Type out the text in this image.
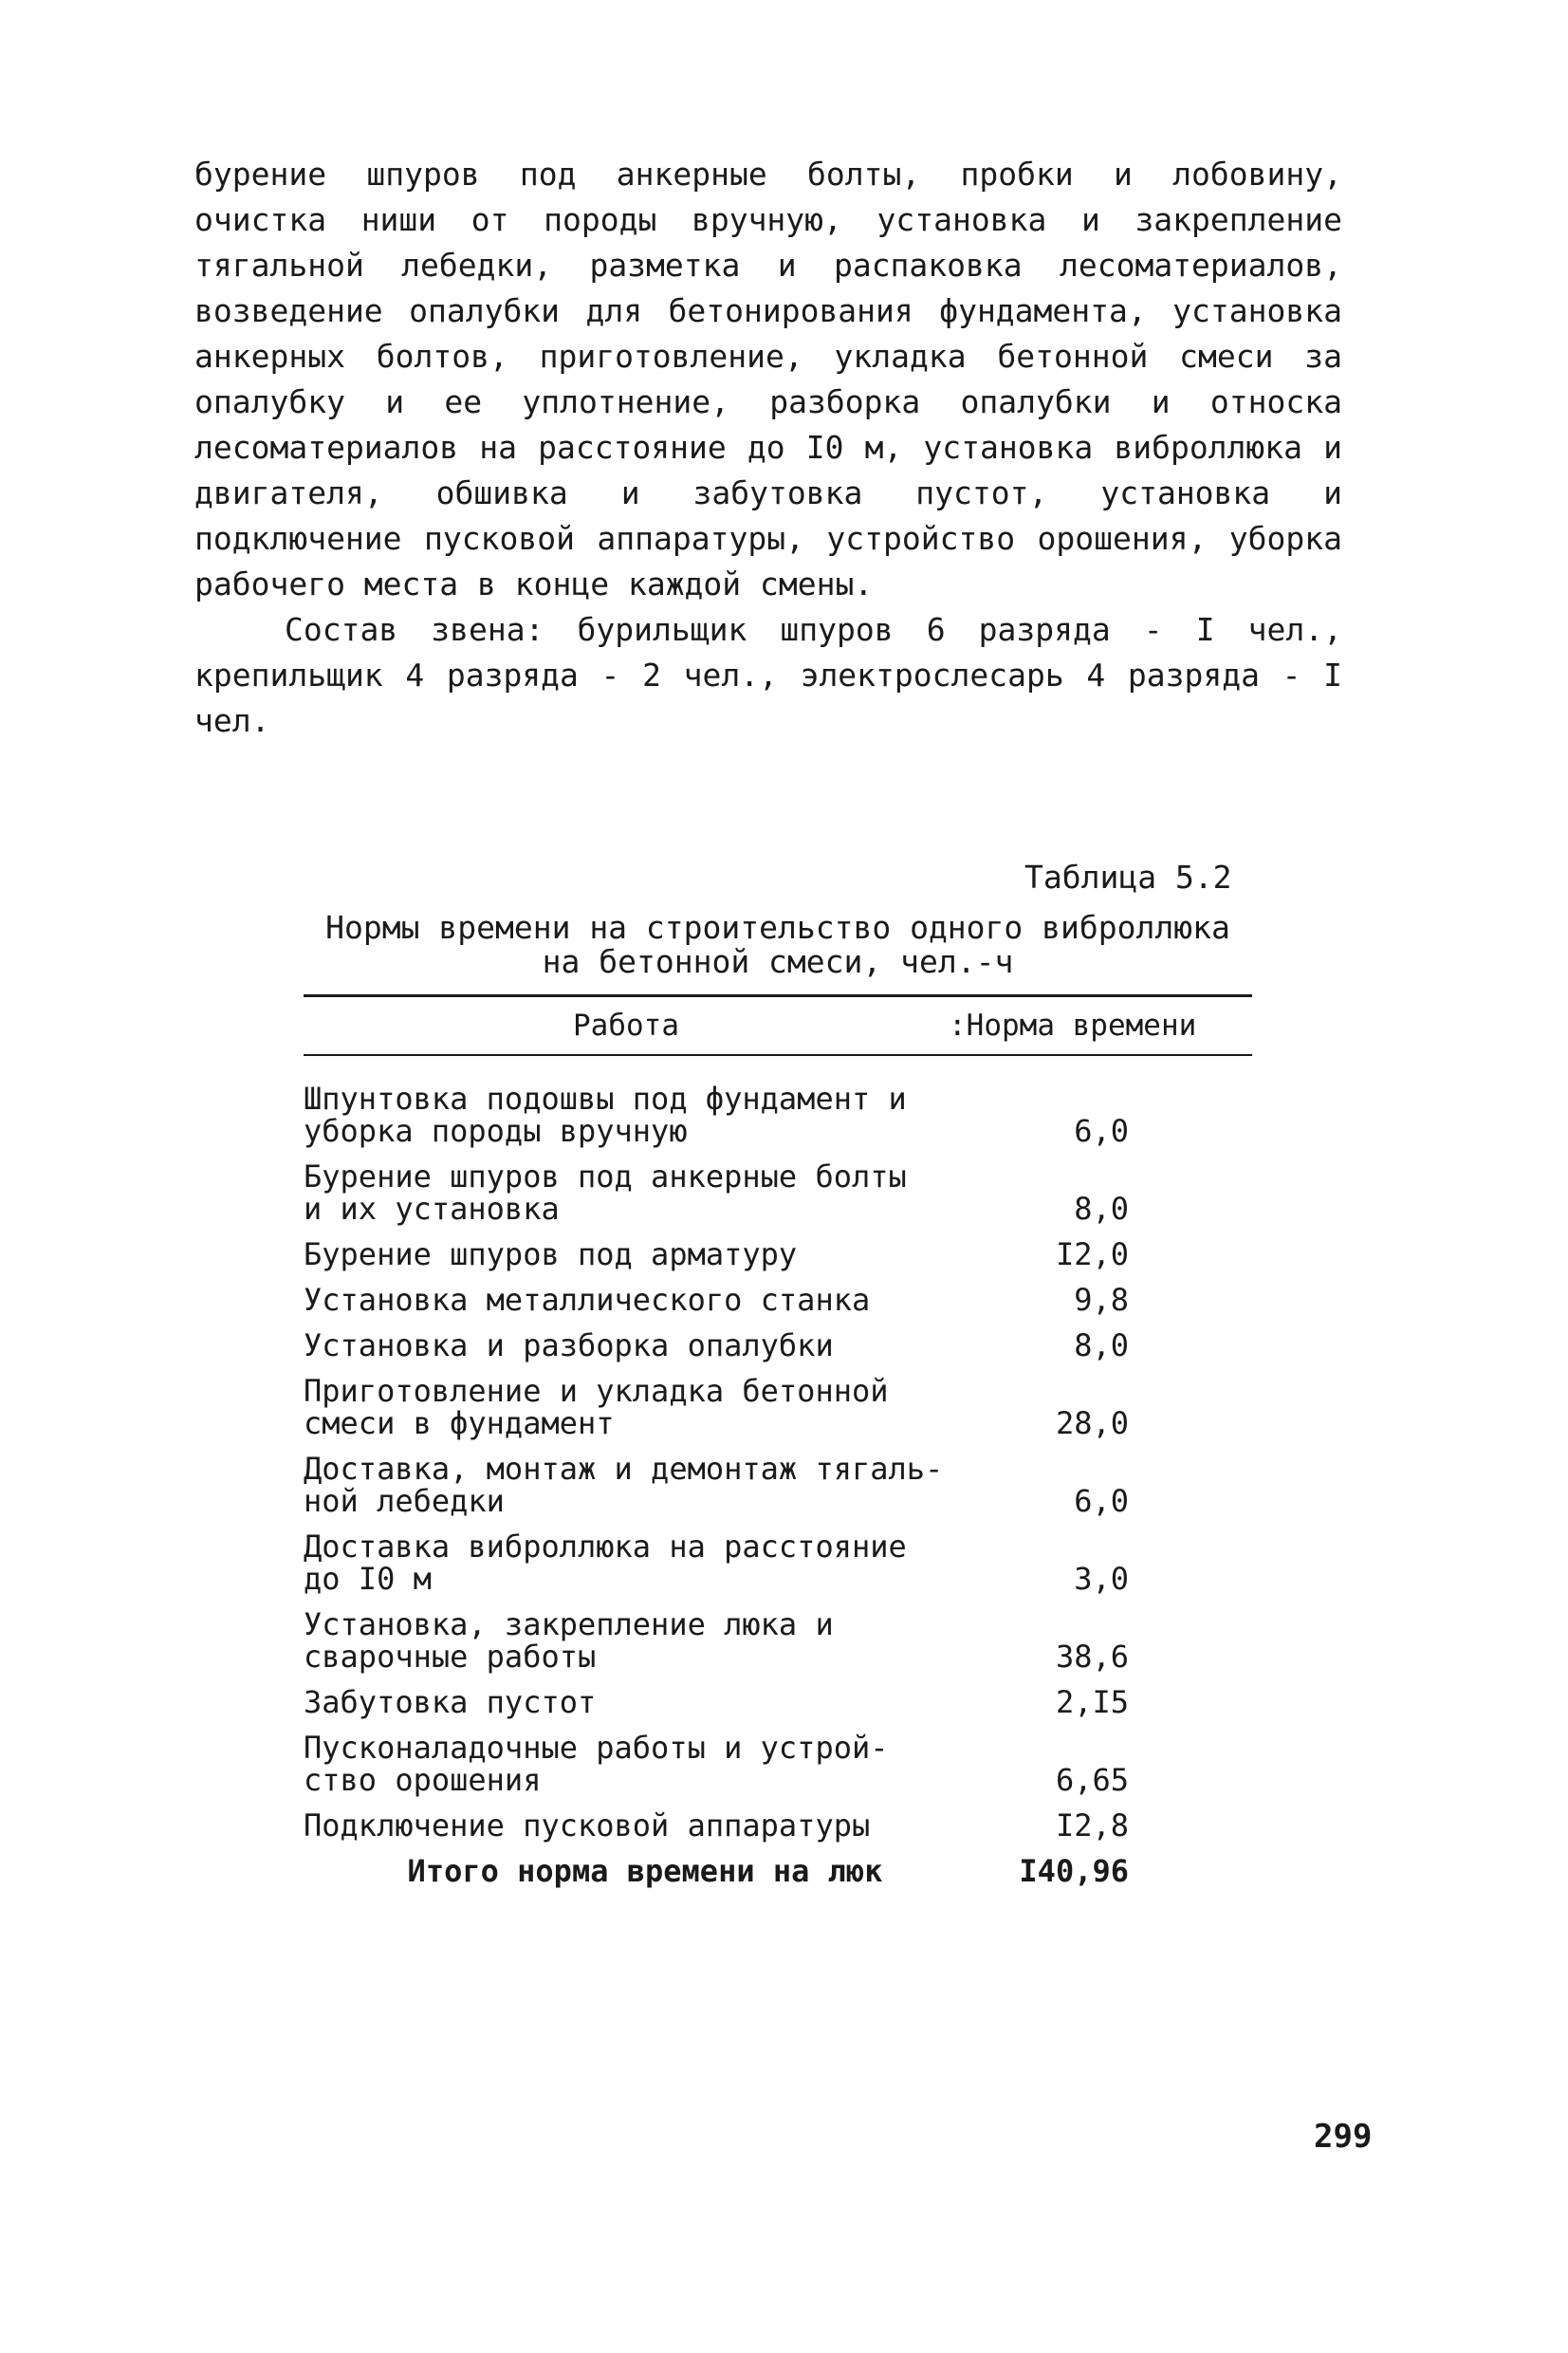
бурение шпуров под анкерные болты, пробки и лобовину, очистка ниши от породы вручную, установка и закрепление тягальной лебедки, разметка и распаковка лесоматериалов, возведение опалубки для бетонирования фундамента, установка анкерных болтов, приготовление, укладка бетонной смеси за опалубку и ее уплотнение, разборка опалубки и относка лесоматериалов на расстояние до I0 м, установка виброллюка и двигателя, обшивка и забутовка пустот, установка и подключение пусковой аппаратуры, устройство орошения, уборка рабочего места в конце каждой смены.

Состав звена: бурильщик шпуров 6 разряда - I чел., крепильщик 4 разряда - 2 чел., электрослесарь 4 разряда - I чел.

Таблица 5.2
Нормы времени на строительство одного виброллюка
на бетонной смеси, чел.-ч
Работа	:Норма времени
Шпунтовка подошвы под фундамент и
уборка породы вручную	6,0
Бурение шпуров под анкерные болты
и их установка	8,0
Бурение шпуров под арматуру	I2,0
Установка металлического станка	9,8
Установка и разборка опалубки	8,0
Приготовление и укладка бетонной
смеси в фундамент	28,0
Доставка, монтаж и демонтаж тягаль-
ной лебедки	6,0
Доставка виброллюка на расстояние
до I0 м	3,0
Установка, закрепление люка и
сварочные работы	38,6
Забутовка пустот	2,I5
Пусконаладочные работы и устрой-
ство орошения	6,65
Подключение пусковой аппаратуры	I2,8
Итого норма времени на люк	I40,96
299
